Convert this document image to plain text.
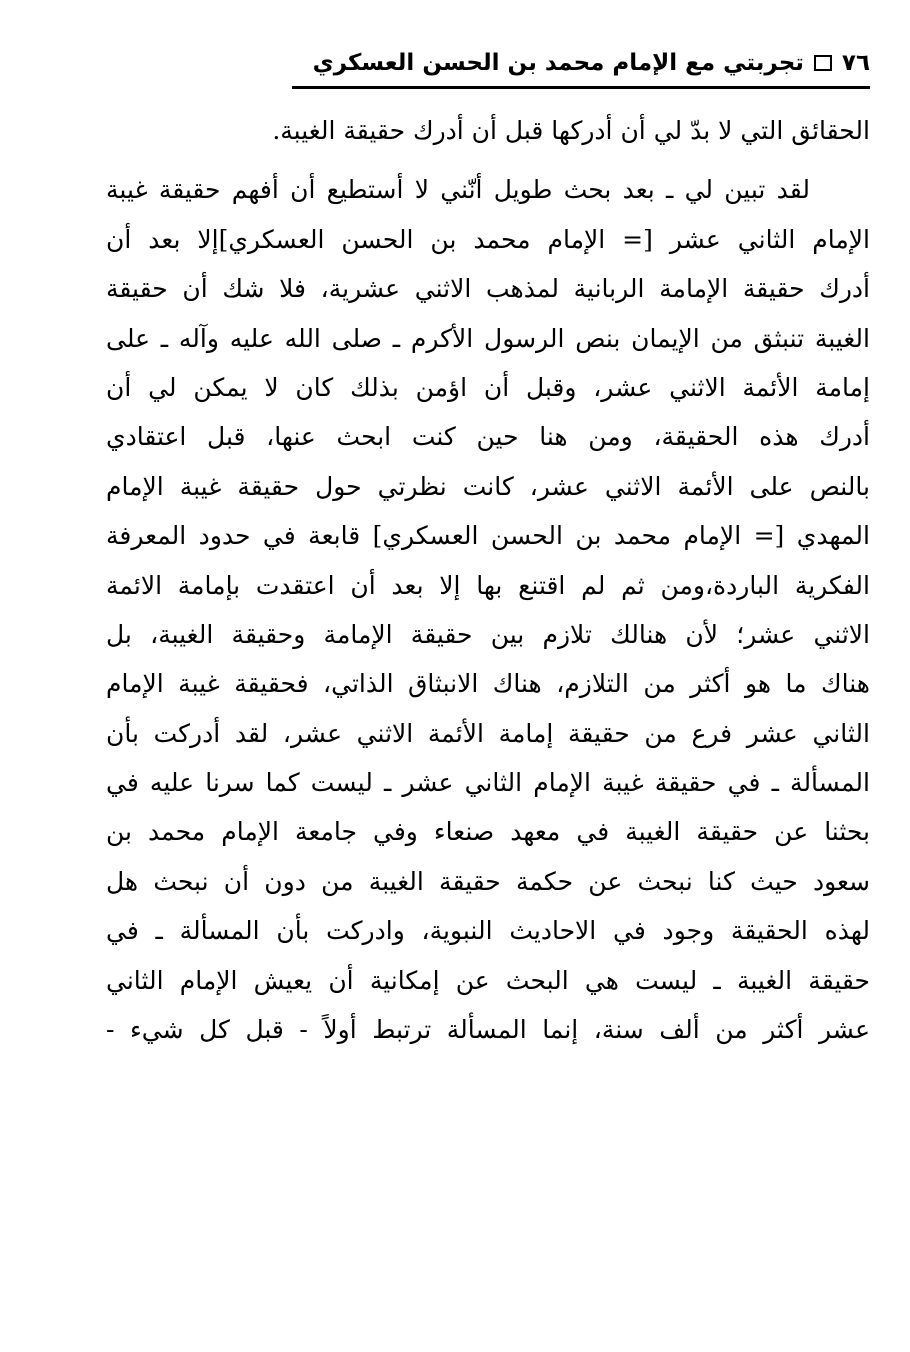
٧٦
تجربتي مع الإمام محمد بن الحسن العسكري
الحقائق التي لا بدّ لي أن أدركها قبل أن أدرك حقيقة الغيبة.
لقد تبين لي ـ بعد بحث طويل أنّني لا أستطيع أن أفهم حقيقة غيبة
الإمام الثاني عشر [= الإمام محمد بن الحسن العسكري]إلا بعد أن
أدرك حقيقة الإمامة الربانية لمذهب الاثني عشرية، فلا شك أن حقيقة
الغيبة تنبثق من الإيمان بنص الرسول الأكرم ـ صلى الله عليه وآله ـ على
إمامة الأئمة الاثني عشر، وقبل أن اؤمن بذلك كان لا يمكن لي أن
أدرك هذه الحقيقة، ومن هنا حين كنت ابحث عنها، قبل اعتقادي
بالنص على الأئمة الاثني عشر، كانت نظرتي حول حقيقة غيبة الإمام
المهدي [= الإمام محمد بن الحسن العسكري] قابعة في حدود المعرفة
الفكرية الباردة،ومن ثم لم اقتنع بها إلا بعد أن اعتقدت بإمامة الائمة
الاثني عشر؛ لأن هنالك تلازم بين حقيقة الإمامة وحقيقة الغيبة، بل
هناك ما هو أكثر من التلازم، هناك الانبثاق الذاتي، فحقيقة غيبة الإمام
الثاني عشر فرع من حقيقة إمامة الأئمة الاثني عشر، لقد أدركت بأن
المسألة ـ في حقيقة غيبة الإمام الثاني عشر ـ ليست كما سرنا عليه في
بحثنا عن حقيقة الغيبة في معهد صنعاء وفي جامعة الإمام محمد بن
سعود حيث كنا نبحث عن حكمة حقيقة الغيبة من دون أن نبحث هل
لهذه الحقيقة وجود في الاحاديث النبوية، وادركت بأن المسألة ـ في
حقيقة الغيبة ـ ليست هي البحث عن إمكانية أن يعيش الإمام الثاني
عشر أكثر من ألف سنة، إنما المسألة ترتبط أولاً - قبل كل شيء -
